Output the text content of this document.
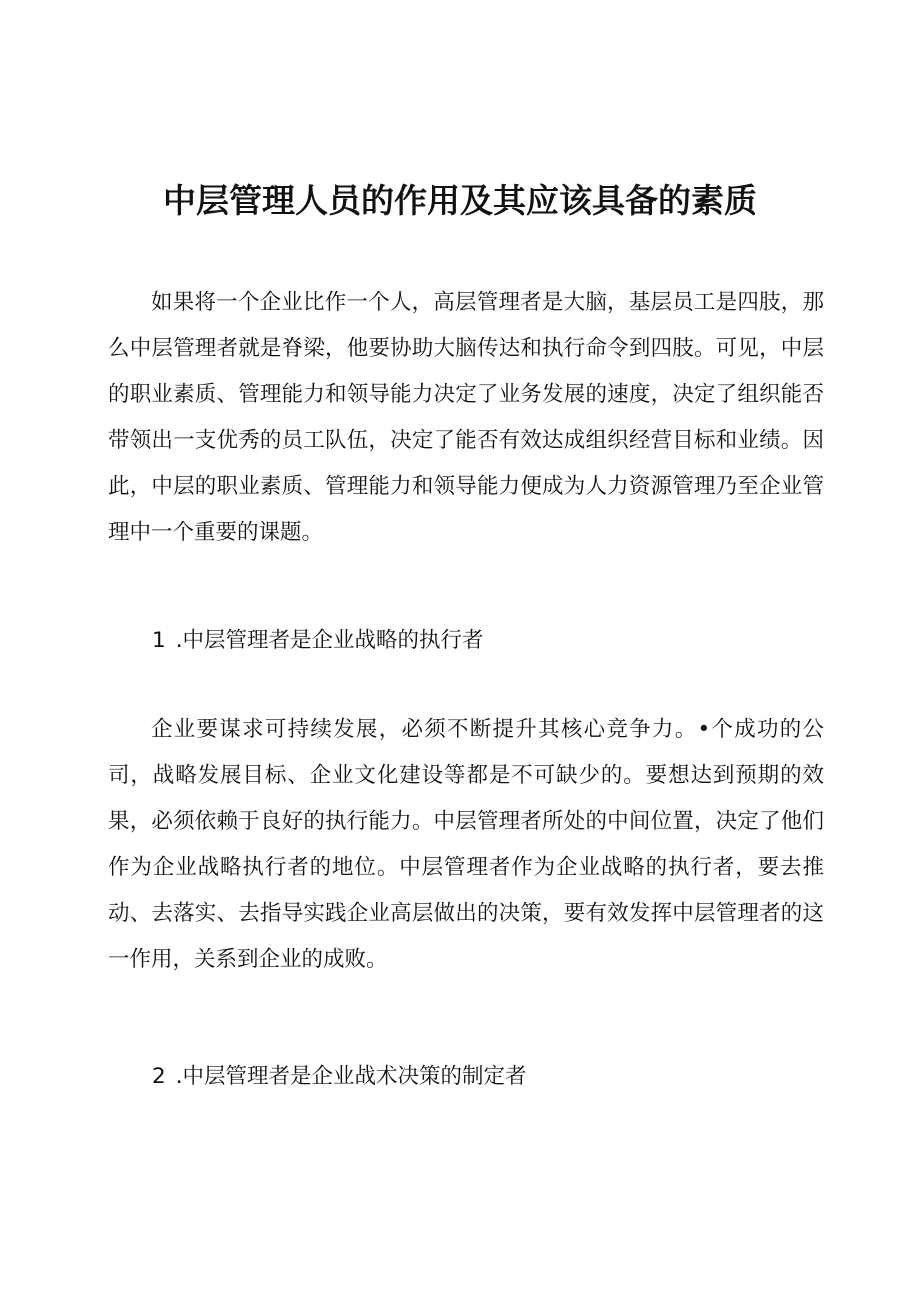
中层管理人员的作用及其应该具备的素质

如果将一个企业比作一个人，高层管理者是大脑，基层员工是四肢，那么中层管理者就是脊梁，他要协助大脑传达和执行命令到四肢。可见，中层的职业素质、管理能力和领导能力决定了业务发展的速度，决定了组织能否带领出一支优秀的员工队伍，决定了能否有效达成组织经营目标和业绩。因此，中层的职业素质、管理能力和领导能力便成为人力资源管理乃至企业管理中一个重要的课题。

1 .中层管理者是企业战略的执行者

企业要谋求可持续发展，必须不断提升其核心竞争力。•个成功的公司，战略发展目标、企业文化建设等都是不可缺少的。要想达到预期的效果，必须依赖于良好的执行能力。中层管理者所处的中间位置，决定了他们作为企业战略执行者的地位。中层管理者作为企业战略的执行者，要去推动、去落实、去指导实践企业高层做出的决策，要有效发挥中层管理者的这一作用，关系到企业的成败。

2 .中层管理者是企业战术决策的制定者
